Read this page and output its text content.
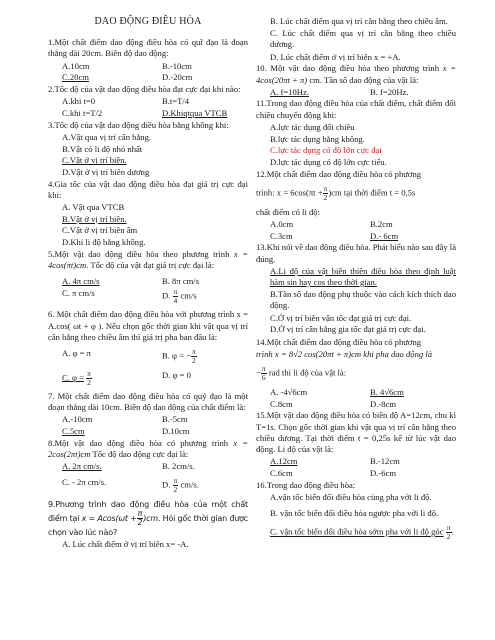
DAO ĐỘNG ĐIỀU HÒA
1.Một chất điểm dao động điều hòa có quĩ đạo là đoạn thẳng dài 20cm. Biên độ dao động:
A.10cm	B.-10cm
C.20cm	D.-20cm
2.Tốc độ của vật dao động điều hòa đạt cực đại khi nào:
A.khi t=0	B.t=T/4
C.khi t=T/2	D.Khiqtqua VTCB
3.Tốc độ của vật dao động điều hòa bằng không khi:
A.Vật qua vị trí cân bằng.
B.Vật có li độ nhỏ nhất
C.Vật ở vị trí biên.
D.Vật ở vị trí biên dương
4.Gia tốc của vật dao động điều hòa đạt giá trị cực đại khi:
A. Vật qua VTCB
B.Vật ở vị trí biên.
C.Vật ở vị trí biên âm
D.Khi li độ bằng không.
5.Một vật dao động điều hòa theo phương trình x = 4cos(πt)cm. Tốc độ của vật đạt giá trị cực đại là:
A. 4π cm/s	B. 8π cm/s
C. π cm/s	D. $\frac{\pi}{4} cm/s$
6. Một chất điểm dao động điều hòa với phương trình x = A.cos( ωt + φ ). Nếu chọn gốc thời gian khi vật qua vị trí cân bằng theo chiều âm thì giá trị pha ban đầu là:
A. φ = π	B. φ = − $\frac{\pi}{2}$
C. $\varphi = \frac{\pi}{2}$	D. φ = 0
7. Một chất điểm dao động điều hòa có quỹ đạo là một đoạn thẳng dài 10cm. Biên độ dao động của chất điểm là:
A.-10cm	B.-5cm
C.5cm	D.10cm
8.Một vật dao động điều hòa có phương trình x = 2cos(2πt)cm Tốc độ dao động cực đại là:
A. 2π cm/s.	B. 2cm/s.
C. - 2π cm/s.	D. $\frac{\pi}{2} cm/s$.
9.Phương trình dao động điều hòa của một chất điểm tại $x = Acos(\omega t + \frac{\pi}{2} )cm$. Hỏi gốc thời gian được chọn vào lúc nào?
A. Lúc chất điểm ở vị trí biên x= -A.
B. Lúc chất điểm qua vị trí cân bằng theo chiều âm.
C. Lúc chất điểm qua vị trí cân bằng theo chiều dương.
D. Lúc chất điểm ở vị trí biên x = +A.
10. Một vật dao động điều hòa theo phương trình x = 4cos(20πt + π) cm. Tần số dao động của vật là:
A. f=10Hz.	B. f=20Hz.
11.Trong dao động điều hòa của chất điểm, chất điểm đổi chiều chuyển động khi:
A.lực tác dụng đổi chiều
B.lực tác dụng bằng không.
C.lực tác dụng có độ lớn cực đại
D.lực tác dụng có độ lớn cực tiểu.
12.Một chất điểm dao động điều hòa có phương
trình: $x = 6\cos(\pi t + \frac{\pi}{2} )cm$ tại thời điểm t = 0,5s
chất điểm có li độ:
A.0cm	B.2cm
C.3cm	D.- 6cm
13.Khi nói về dao động điều hòa. Phát biểu nào sau đây là đúng.
A.Li độ của vật biến thiên điều hòa theo định luật hàm sin hay cos theo thời gian.
B.Tần số dao động phụ thuộc vào cách kích thích dao động.
C.Ở vị trí biên vận tốc đạt giá trị cực đại.
D.Ở vị trí cân bằng gia tốc đạt giá trị cực đại.
14.Một chất điểm dao động điều hòa có phương
trình x = 8√2 cos(20πt + π)cm khi pha dao động là
− $\frac{\pi}{6}$ rad thì li độ của vật là:
A. -4√6cm	B. 4√6cm
C.8cm	D.-8cm
15.Một vật dao động điều hòa có biên độ A=12cm, chu kì T=1s. Chọn gốc thời gian khi vật qua vị trí cân bằng theo chiều dương. Tại thời điểm t = 0,25s kể từ lúc vật dao động. Li độ của vật là:
A.12cm	B.-12cm
C.6cm	D.-6cm
16.Trong dao động điều hòa:
A.vận tốc biến đổi điều hòa cùng pha với li độ.
B. vận tốc biến đổi điều hòa ngược pha với li độ.
C. vận tốc biến đổi điều hòa sớm pha với li độ góc $\frac{\pi}{2}$ .
